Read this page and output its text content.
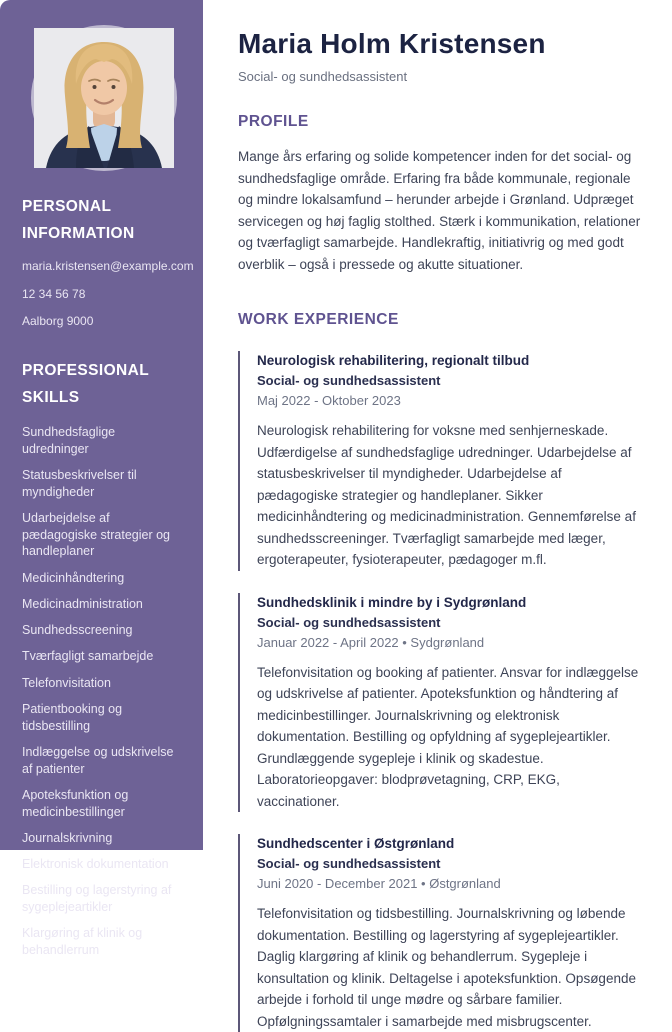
PERSONAL INFORMATION

maria.kristensen@example.com

12 34 56 78

Aalborg 9000

PROFESSIONAL SKILLS
Sundhedsfaglige udredninger
Statusbeskrivelser til myndigheder
Udarbejdelse af pædagogiske strategier og handleplaner
Medicinhåndtering
Medicinadministration
Sundhedsscreening
Tværfagligt samarbejde
Telefonvisitation
Patientbooking og tidsbestilling
Indlæggelse og udskrivelse af patienter
Apoteksfunktion og medicinbestillinger
Journalskrivning
Elektronisk dokumentation
Bestilling og lagerstyring af sygeplejeartikler
Klargøring af klinik og behandlerrum
Maria Holm Kristensen

Social- og sundhedsassistent

PROFILE

Mange års erfaring og solide kompetencer inden for det social- og sundhedsfaglige område. Erfaring fra både kommunale, regionale og mindre lokalsamfund – herunder arbejde i Grønland. Udpræget servicegen og høj faglig stolthed. Stærk i kommunikation, relationer og tværfagligt samarbejde. Handlekraftig, initiativrig og med godt overblik – også i pressede og akutte situationer.

WORK EXPERIENCE
Neurologisk rehabilitering, regionalt tilbud

Social- og sundhedsassistent

Maj 2022 - Oktober 2023

Neurologisk rehabilitering for voksne med senhjerneskade. Udfærdigelse af sundhedsfaglige udredninger. Udarbejdelse af statusbeskrivelser til myndigheder. Udarbejdelse af pædagogiske strategier og handleplaner. Sikker medicinhåndtering og medicinadministration. Gennemførelse af sundhedsscreeninger. Tværfagligt samarbejde med læger, ergoterapeuter, fysioterapeuter, pædagoger m.fl.

Sundhedsklinik i mindre by i Sydgrønland

Social- og sundhedsassistent

Januar 2022 - April 2022 • Sydgrønland

Telefonvisitation og booking af patienter. Ansvar for indlæggelse og udskrivelse af patienter. Apoteksfunktion og håndtering af medicinbestillinger. Journalskrivning og elektronisk dokumentation. Bestilling og opfyldning af sygeplejeartikler. Grundlæggende sygepleje i klinik og skadestue. Laboratorieopgaver: blodprøvetagning, CRP, EKG, vaccinationer.

Sundhedscenter i Østgrønland

Social- og sundhedsassistent

Juni 2020 - December 2021 • Østgrønland

Telefonvisitation og tidsbestilling. Journalskrivning og løbende dokumentation. Bestilling og lagerstyring af sygeplejeartikler. Daglig klargøring af klinik og behandlerrum. Sygepleje i konsultation og klinik. Deltagelse i apoteksfunktion. Opsøgende arbejde i forhold til unge mødre og sårbare familier. Opfølgningssamtaler i samarbejde med misbrugscenter.
